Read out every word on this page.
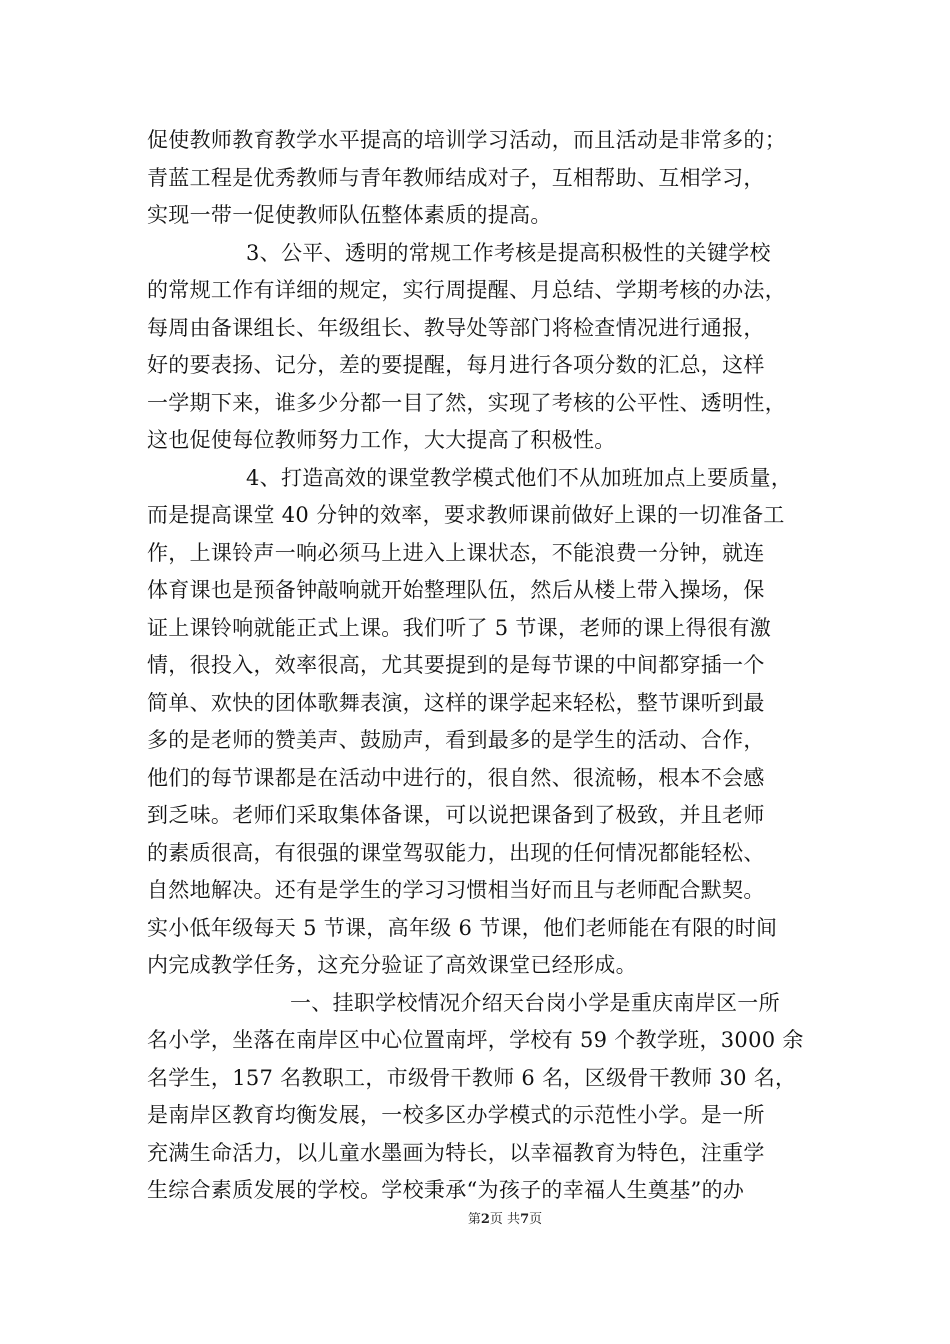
促使教师教育教学水平提高的培训学习活动，而且活动是非常多的；
青蓝工程是优秀教师与青年教师结成对子，互相帮助、互相学习，
实现一带一促使教师队伍整体素质的提高。
3、公平、透明的常规工作考核是提高积极性的关键学校
的常规工作有详细的规定，实行周提醒、月总结、学期考核的办法，
每周由备课组长、年级组长、教导处等部门将检查情况进行通报，
好的要表扬、记分，差的要提醒，每月进行各项分数的汇总，这样
一学期下来，谁多少分都一目了然，实现了考核的公平性、透明性，
这也促使每位教师努力工作，大大提高了积极性。
4、打造高效的课堂教学模式他们不从加班加点上要质量，
而是提高课堂 40 分钟的效率，要求教师课前做好上课的一切准备工
作，上课铃声一响必须马上进入上课状态，不能浪费一分钟，就连
体育课也是预备钟敲响就开始整理队伍，然后从楼上带入操场，保
证上课铃响就能正式上课。我们听了 5 节课，老师的课上得很有激
情，很投入，效率很高，尤其要提到的是每节课的中间都穿插一个
简单、欢快的团体歌舞表演，这样的课学起来轻松，整节课听到最
多的是老师的赞美声、鼓励声，看到最多的是学生的活动、合作，
他们的每节课都是在活动中进行的，很自然、很流畅，根本不会感
到乏味。老师们采取集体备课，可以说把课备到了极致，并且老师
的素质很高，有很强的课堂驾驭能力，出现的任何情况都能轻松、
自然地解决。还有是学生的学习习惯相当好而且与老师配合默契。
实小低年级每天 5 节课，高年级 6 节课，他们老师能在有限的时间
内完成教学任务，这充分验证了高效课堂已经形成。
一、挂职学校情况介绍天台岗小学是重庆南岸区一所
名小学，坐落在南岸区中心位置南坪，学校有 59 个教学班，3000 余
名学生，157 名教职工，市级骨干教师 6 名，区级骨干教师 30 名，
是南岸区教育均衡发展，一校多区办学模式的示范性小学。是一所
充满生命活力，以儿童水墨画为特长，以幸福教育为特色，注重学
生综合素质发展的学校。学校秉承“为孩子的幸福人生奠基”的办
第2页 共7页
